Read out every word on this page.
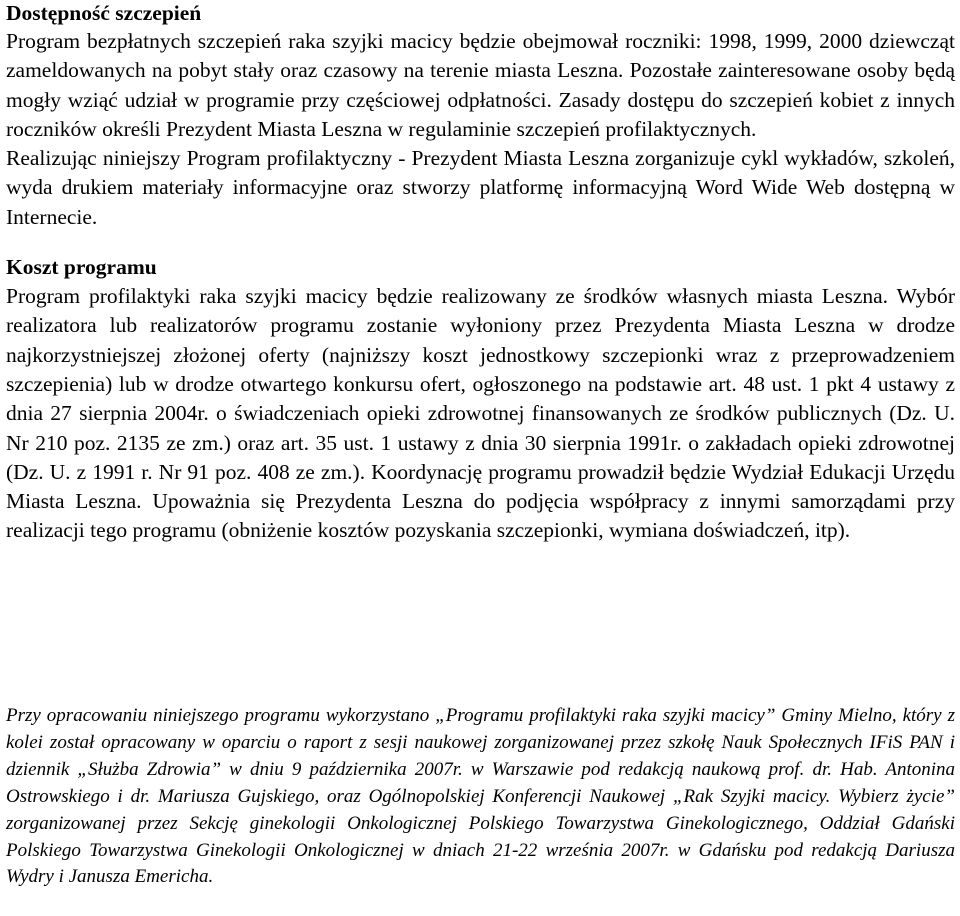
Dostępność szczepień

Program bezpłatnych szczepień raka szyjki macicy będzie obejmował roczniki: 1998, 1999, 2000 dziewcząt zameldowanych na pobyt stały oraz czasowy na terenie miasta Leszna. Pozostałe zainteresowane osoby będą mogły wziąć udział w programie przy częściowej odpłatności. Zasady dostępu do szczepień kobiet z innych roczników określi Prezydent Miasta Leszna w regulaminie szczepień profilaktycznych.

Realizując niniejszy Program profilaktyczny - Prezydent Miasta Leszna zorganizuje cykl wykładów, szkoleń, wyda drukiem materiały informacyjne oraz stworzy platformę informacyjną Word Wide Web dostępną w Internecie.

Koszt programu

Program profilaktyki raka szyjki macicy będzie realizowany ze środków własnych miasta Leszna. Wybór realizatora lub realizatorów programu zostanie wyłoniony przez Prezydenta Miasta Leszna w drodze najkorzystniejszej złożonej oferty (najniższy koszt jednostkowy szczepionki wraz z przeprowadzeniem szczepienia) lub w drodze otwartego konkursu ofert, ogłoszonego na podstawie art. 48 ust. 1 pkt 4 ustawy z dnia 27 sierpnia 2004r. o świadczeniach opieki zdrowotnej finansowanych ze środków publicznych (Dz. U. Nr 210 poz. 2135 ze zm.) oraz art. 35 ust. 1 ustawy z dnia 30 sierpnia 1991r. o zakładach opieki zdrowotnej (Dz. U. z 1991 r. Nr 91 poz. 408 ze zm.). Koordynację programu prowadził będzie Wydział Edukacji Urzędu Miasta Leszna. Upoważnia się Prezydenta Leszna do podjęcia współpracy z innymi samorządami przy realizacji tego programu (obniżenie kosztów pozyskania szczepionki, wymiana doświadczeń, itp).

Przy opracowaniu niniejszego programu wykorzystano „Programu profilaktyki raka szyjki macicy” Gminy Mielno, który z kolei został opracowany w oparciu o raport z sesji naukowej zorganizowanej przez szkołę Nauk Społecznych IFiS PAN i dziennik „Służba Zdrowia” w dniu 9 października 2007r. w Warszawie pod redakcją naukową prof. dr. Hab. Antonina Ostrowskiego i dr. Mariusza Gujskiego, oraz Ogólnopolskiej Konferencji Naukowej „Rak Szyjki macicy. Wybierz życie” zorganizowanej przez Sekcję ginekologii Onkologicznej Polskiego Towarzystwa Ginekologicznego, Oddział Gdański Polskiego Towarzystwa Ginekologii Onkologicznej w dniach 21-22 września 2007r. w Gdańsku pod redakcją Dariusza Wydry i Janusza Emericha.
